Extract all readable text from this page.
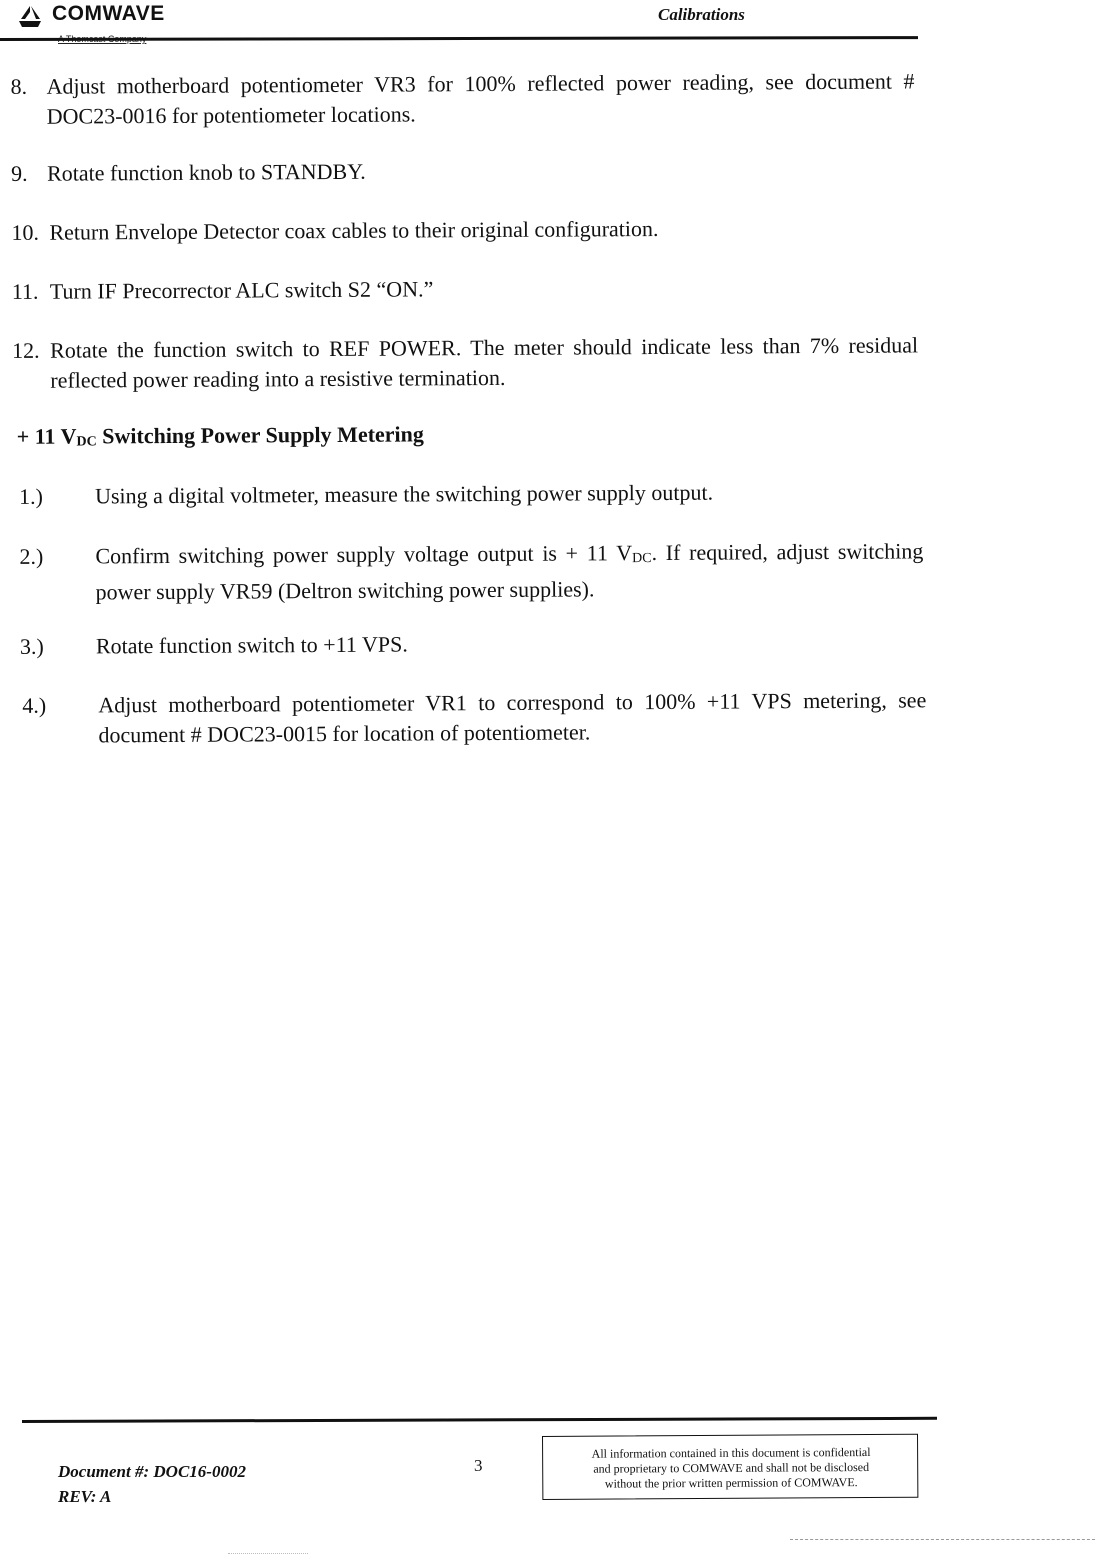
COMWAVE
A Thomcast Company
Calibrations
8. Adjust motherboard potentiometer VR3 for 100% reflected power reading, see document # DOC23-0016 for potentiometer locations.
9. Rotate function knob to STANDBY.
10. Return Envelope Detector coax cables to their original configuration.
11. Turn IF Precorrector ALC switch S2 “ON.”
12. Rotate the function switch to REF POWER. The meter should indicate less than 7% residual reflected power reading into a resistive termination.
+ 11 $V_{DC}$ Switching Power Supply Metering
1.) Using a digital voltmeter, measure the switching power supply output.
2.) Confirm switching power supply voltage output is + 11 $V_{DC}$. If required, adjust switching power supply VR59 (Deltron switching power supplies).
3.) Rotate function switch to +11 VPS.
4.) Adjust motherboard potentiometer VR1 to correspond to 100% +11 VPS metering, see document # DOC23-0015 for location of potentiometer.
Document #: DOC16-0002
REV: A
3
All information contained in this document is confidential
and proprietary to COMWAVE and shall not be disclosed
without the prior written permission of COMWAVE.
